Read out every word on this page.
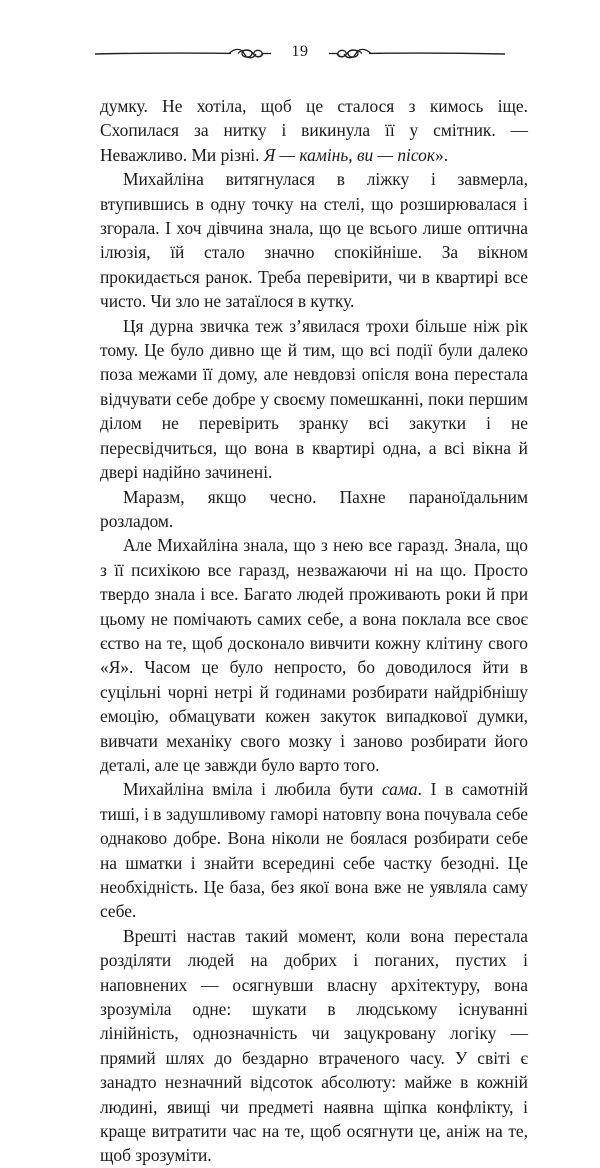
19

думку. Не хотіла, щоб це сталося з кимось іще. Схопилася за нитку і викинула її у смітник. — Неважливо. Ми різні. Я — камінь, ви — пісок».

Михайліна витягнулася в ліжку і завмерла, втупившись в одну точку на стелі, що розширювалася і згорала. І хоч дівчина знала, що це всього лише оптична ілюзія, їй стало значно спокійніше. За вікном прокидається ранок. Треба перевірити, чи в квартирі все чисто. Чи зло не затаїлося в кутку.

Ця дурна звичка теж з’явилася трохи більше ніж рік тому. Це було дивно ще й тим, що всі події були далеко поза межами її дому, але невдовзі опісля вона перестала відчувати себе добре у своєму помешканні, поки першим ділом не перевірить зранку всі закутки і не пересвідчиться, що вона в квартирі одна, а всі вікна й двері надійно зачинені.

Маразм, якщо чесно. Пахне параноїдальним розладом.

Але Михайліна знала, що з нею все гаразд. Знала, що з її психікою все гаразд, незважаючи ні на що. Просто твердо знала і все. Багато людей проживають роки й при цьому не помічають самих себе, а вона поклала все своє єство на те, щоб досконало вивчити кожну клітину свого «Я». Часом це було непросто, бо доводилося йти в суцільні чорні нетрі й годинами розбирати найдрібнішу емоцію, обмацувати кожен закуток випадкової думки, вивчати механіку свого мозку і заново розбирати його деталі, але це завжди було варто того.

Михайліна вміла і любила бути сама. І в самотній тиші, і в задушливому гаморі натовпу вона почувала себе однаково добре. Вона ніколи не боялася розбирати себе на шматки і знайти всередині себе частку безодні. Це необхідність. Це база, без якої вона вже не уявляла саму себе.

Врешті настав такий момент, коли вона перестала розділяти людей на добрих і поганих, пустих і наповнених — осягнувши власну архітектуру, вона зрозуміла одне: шукати в людському існуванні лінійність, однозначність чи зацукровану логіку — прямий шлях до бездарно втраченого часу. У світі є занадто незначний відсоток абсолюту: майже в кожній людині, явищі чи предметі наявна щіпка конфлікту, і краще витратити час на те, щоб осягнути це, аніж на те, щоб зрозуміти.
